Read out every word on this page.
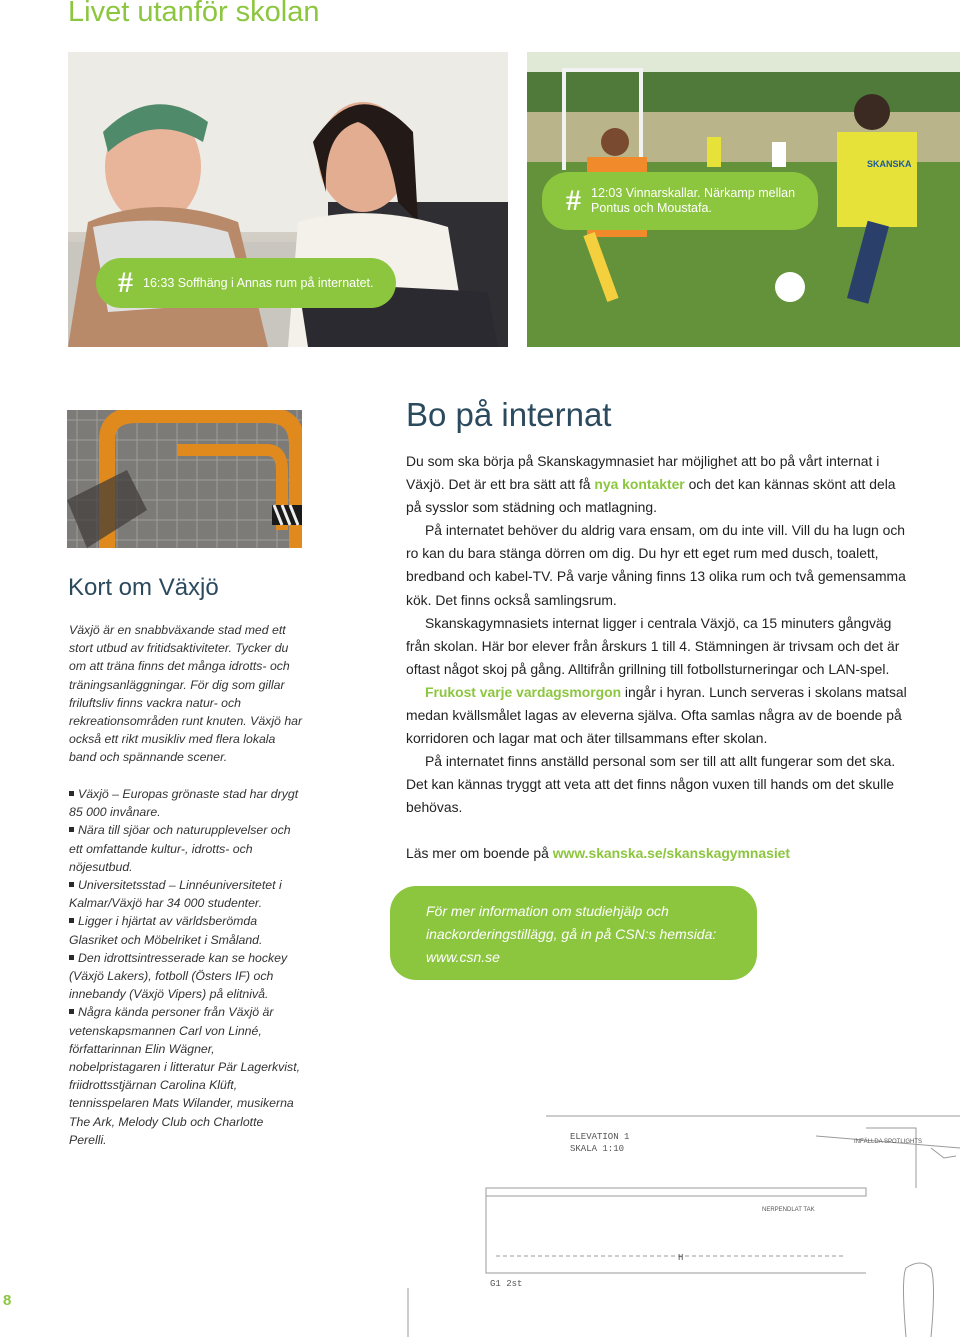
Livet utanför skolan
# 16:33 Soffhäng i Annas rum på internatet.
SKANSKA
# 12:03 Vinnarskallar. Närkamp mellan Pontus och Moustafa.
Kort om Växjö
Växjö är en snabbväxande stad med ett stort utbud av fritidsaktiviteter. Tycker du om att träna finns det många idrotts- och träningsanläggningar. För dig som gillar friluftsliv finns vackra natur- och rekreationsområden runt knuten. Växjö har också ett rikt musikliv med flera lokala band och spännande scener.
Växjö – Europas grönaste stad har drygt 85 000 invånare.
Nära till sjöar och naturupplevelser och ett omfattande kultur-, idrotts- och nöjesutbud.
Universitetsstad – Linnéuniversitetet i Kalmar/Växjö har 34 000 studenter.
Ligger i hjärtat av världsberömda Glasriket och Möbelriket i Småland.
Den idrottsintresserade kan se hockey (Växjö Lakers), fotboll (Östers IF) och innebandy (Växjö Vipers) på elitnivå.
Några kända personer från Växjö är vetenskapsmannen Carl von Linné, författarinnan Elin Wägner, nobelpristagaren i litteratur Pär Lagerkvist, friidrottsstjärnan Carolina Klüft, tennisspelaren Mats Wilander, musikerna The Ark, Melody Club och Charlotte Perelli.
Bo på internat

Du som ska börja på Skanskagymnasiet har möjlighet att bo på vårt internat i Växjö. Det är ett bra sätt att få nya kontakter och det kan kännas skönt att dela på sysslor som städning och matlagning.

På internatet behöver du aldrig vara ensam, om du inte vill. Vill du ha lugn och ro kan du bara stänga dörren om dig. Du hyr ett eget rum med dusch, toalett, bredband och kabel-TV. På varje våning finns 13 olika rum och två gemensamma kök. Det finns också samlingsrum.

Skanskagymnasiets internat ligger i centrala Växjö, ca 15 minuters gångväg från skolan. Här bor elever från årskurs 1 till 4. Stämningen är trivsam och det är oftast något skoj på gång. Alltifrån grillning till fotbollsturneringar och LAN-spel.

Frukost varje vardagsmorgon ingår i hyran. Lunch serveras i skolans matsal medan kvällsmålet lagas av eleverna själva. Ofta samlas några av de boende på korridoren och lagar mat och äter tillsammans efter skolan.

På internatet finns anställd personal som ser till att allt fungerar som det ska. Det kan kännas tryggt att veta att det finns någon vuxen till hands om det skulle behövas.

Läs mer om boende på www.skanska.se/skanskagymnasiet
För mer information om studiehjälp och inackorderingstillägg, gå in på CSN:s hemsida: www.csn.se
ELEVATION 1
SKALA 1:10
INFÄLLDA SPOTLIGHTS
NERPENDLAT TAK
H
G1 2st
8
